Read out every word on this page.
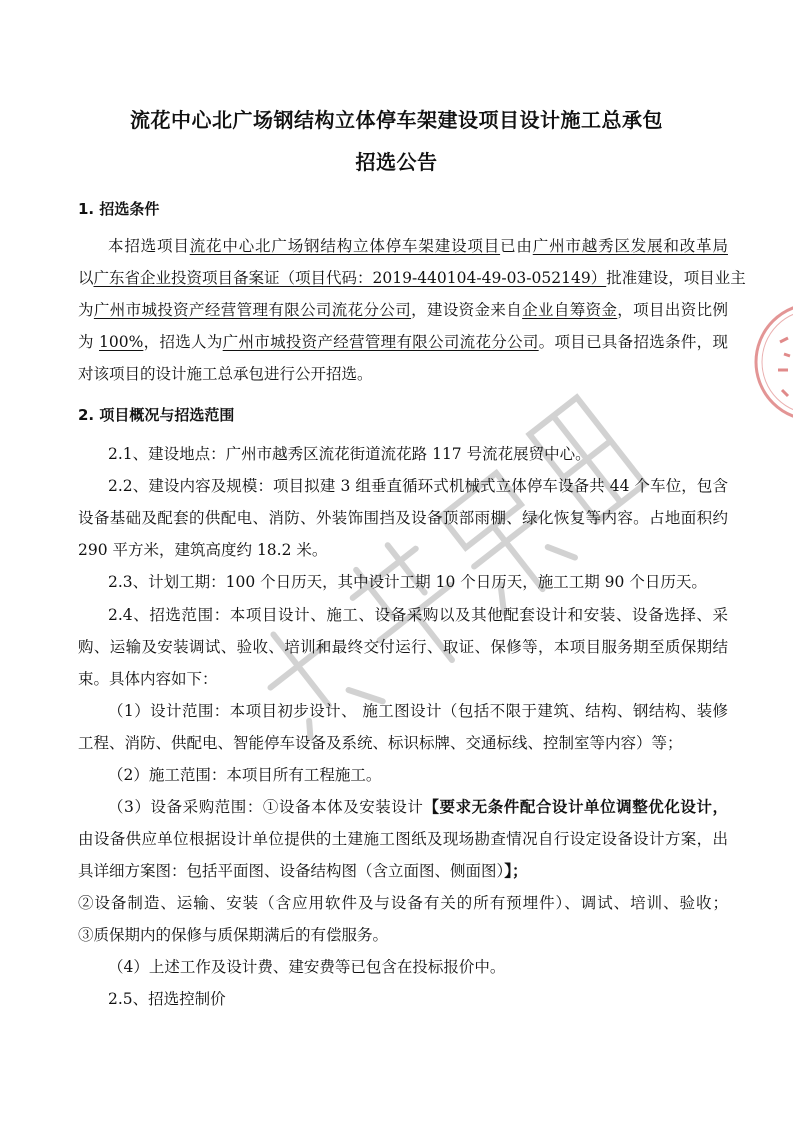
流花中心北广场钢结构立体停车架建设项目设计施工总承包
招选公告
1. 招选条件
本招选项目流花中心北广场钢结构立体停车架建设项目已由广州市越秀区发展和改革局
以广东省企业投资项目备案证（项目代码：2019-440104-49-03-052149）批准建设，项目业主
为广州市城投资产经营管理有限公司流花分公司，建设资金来自企业自筹资金，项目出资比例
为 100%，招选人为广州市城投资产经营管理有限公司流花分公司。项目已具备招选条件，现
对该项目的设计施工总承包进行公开招选。
2. 项目概况与招选范围
2.1、建设地点：广州市越秀区流花街道流花路 117 号流花展贸中心。
2.2、建设内容及规模：项目拟建 3 组垂直循环式机械式立体停车设备共 44 个车位，包含
设备基础及配套的供配电、消防、外装饰围挡及设备顶部雨棚、绿化恢复等内容。占地面积约
290 平方米，建筑高度约 18.2 米。
2.3、计划工期：100 个日历天，其中设计工期 10 个日历天，施工工期 90 个日历天。
2.4、招选范围：本项目设计、施工、设备采购以及其他配套设计和安装、设备选择、采
购、运输及安装调试、验收、培训和最终交付运行、取证、保修等，本项目服务期至质保期结
束。具体内容如下：
（1）设计范围：本项目初步设计、 施工图设计（包括不限于建筑、结构、钢结构、装修
工程、消防、供配电、智能停车设备及系统、标识标牌、交通标线、控制室等内容）等；
（2）施工范围：本项目所有工程施工。
（3）设备采购范围：①设备本体及安装设计【要求无条件配合设计单位调整优化设计，
由设备供应单位根据设计单位提供的土建施工图纸及现场勘查情况自行设定设备设计方案，出
具详细方案图：包括平面图、设备结构图（含立面图、侧面图）】；
②设备制造、运输、安装（含应用软件及与设备有关的所有预埋件）、调试、培训、验收；
③质保期内的保修与质保期满后的有偿服务。
（4）上述工作及设计费、建安费等已包含在投标报价中。
2.5、招选控制价
